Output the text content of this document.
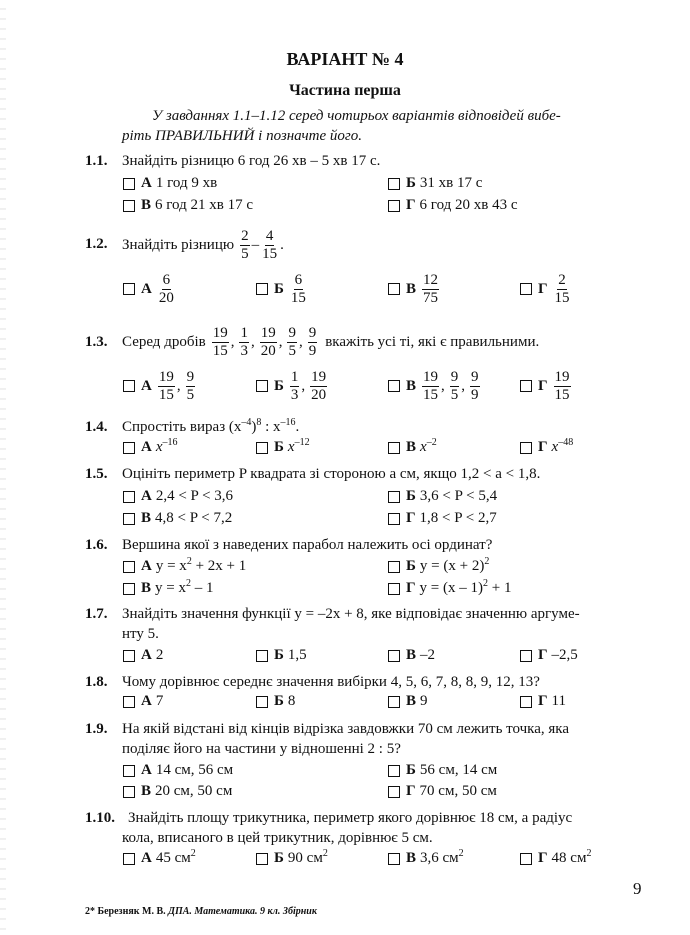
ВАРІАНТ № 4
Частина перша
У завданнях 1.1–1.12 серед чотирьох варіантів відповідей вибе-
ріть ПРАВИЛЬНИЙ і позначте його.
1.1. Знайдіть різницю 6 год 26 хв – 5 хв 17 с.
А 1 год 9 хв	Б 31 хв 17 с
В 6 год 21 хв 17 с	Г 6 год 20 хв 43 с
1.2. Знайдіть різницю $\frac{2}{5} - \frac{4}{15}$ .
А $\frac{6}{20}$	Б $\frac{6}{15}$	В $\frac{12}{75}$	Г $\frac{2}{15}$
1.3. Серед дробів $\frac{19}{15}$ , $\frac{1}{3}$ , $\frac{19}{20}$ , $\frac{9}{5}$ , $\frac{9}{9}$ вкажіть усі ті, які є правильними.
А $\frac{19}{15}$ , $\frac{9}{5}$	Б $\frac{1}{3}$ , $\frac{19}{20}$	В $\frac{19}{15}$ , $\frac{9}{5}$ , $\frac{9}{9}$	Г $\frac{19}{15}$
1.4. Спростіть вираз $(x^{-4})^8$ : $x^{-16}$.
А $x^{-16}$	Б $x^{-12}$	В $x^{-2}$	Г $x^{-48}$
1.5. Оцініть периметр P квадрата зі стороною a см, якщо 1,2 < a < 1,8.
А 2,4 < P < 3,6	Б 3,6 < P < 5,4
В 4,8 < P < 7,2	Г 1,8 < P < 2,7
1.6. Вершина якої з наведених парабол належить осі ординат?
А $y = x^2 + 2x + 1$	Б $y = (x + 2)^2$
В $y = x^2 - 1$	Г y = (x – 1)$^2$ + 1
1.7. Знайдіть значення функції y = –2x + 8, яке відповідає значенню аргуме-
нту 5.
А 2	Б 1,5	В –2	Г –2,5
1.8. Чому дорівнює середнє значення вибірки 4, 5, 6, 7, 8, 8, 9, 12, 13?
А 7	Б 8	В 9	Г 11
1.9. На якій відстані від кінців відрізка завдовжки 70 см лежить точка, яка
поділяє його на частини у відношенні 2 : 5?
А 14 см, 56 см	Б 56 см, 14 см
В 20 см, 50 см	Г 70 см, 50 см
1.10. Знайдіть площу трикутника, периметр якого дорівнює 18 см, а радіус
кола, вписаного в цей трикутник, дорівнює 5 см.
А 45 $см^2$	Б 90 $см^2$	В 3,6 $см^2$	Г 48 $см^2$
9
2* Березняк М. В. ДПА. Математика. 9 кл. Збірник
